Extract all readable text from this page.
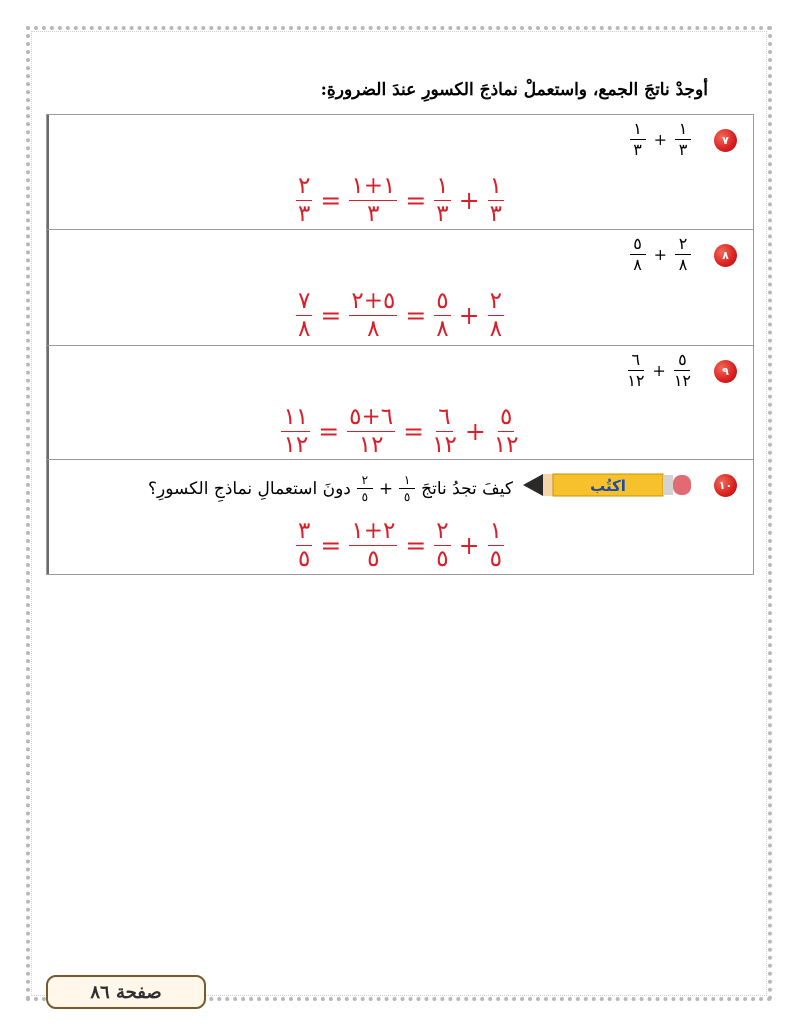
أوجدْ ناتجَ الجمع، واستعملْ نماذجَ الكسورِ عندَ الضرورةِ:
٧
$\frac{١}{٣} + \frac{١}{٣}$
$\frac{٢}{٣} = \frac{١+١}{٣} = \frac{١}{٣} + \frac{١}{٣}$
٨
$\frac{٥}{٨} + \frac{٢}{٨}$
$\frac{٧}{٨} = \frac{٥+٢}{٨} = \frac{٥}{٨} + \frac{٢}{٨}$
٩
$\frac{٦}{١٢} + \frac{٥}{١٢}$
$\frac{١١}{١٢} = \frac{٦+٥}{١٢} = \frac{٦}{١٢} + \frac{٥}{١٢}$
١٠
اكتُب
كيفَ تجدُ ناتجَ
$\frac{١}{٥}$
+
$\frac{٢}{٥}$
دونَ استعمالِ نماذجِ الكسورِ؟
$\frac{٣}{٥} = \frac{٢+١}{٥} = \frac{٢}{٥} + \frac{١}{٥}$
صفحة ٨٦
